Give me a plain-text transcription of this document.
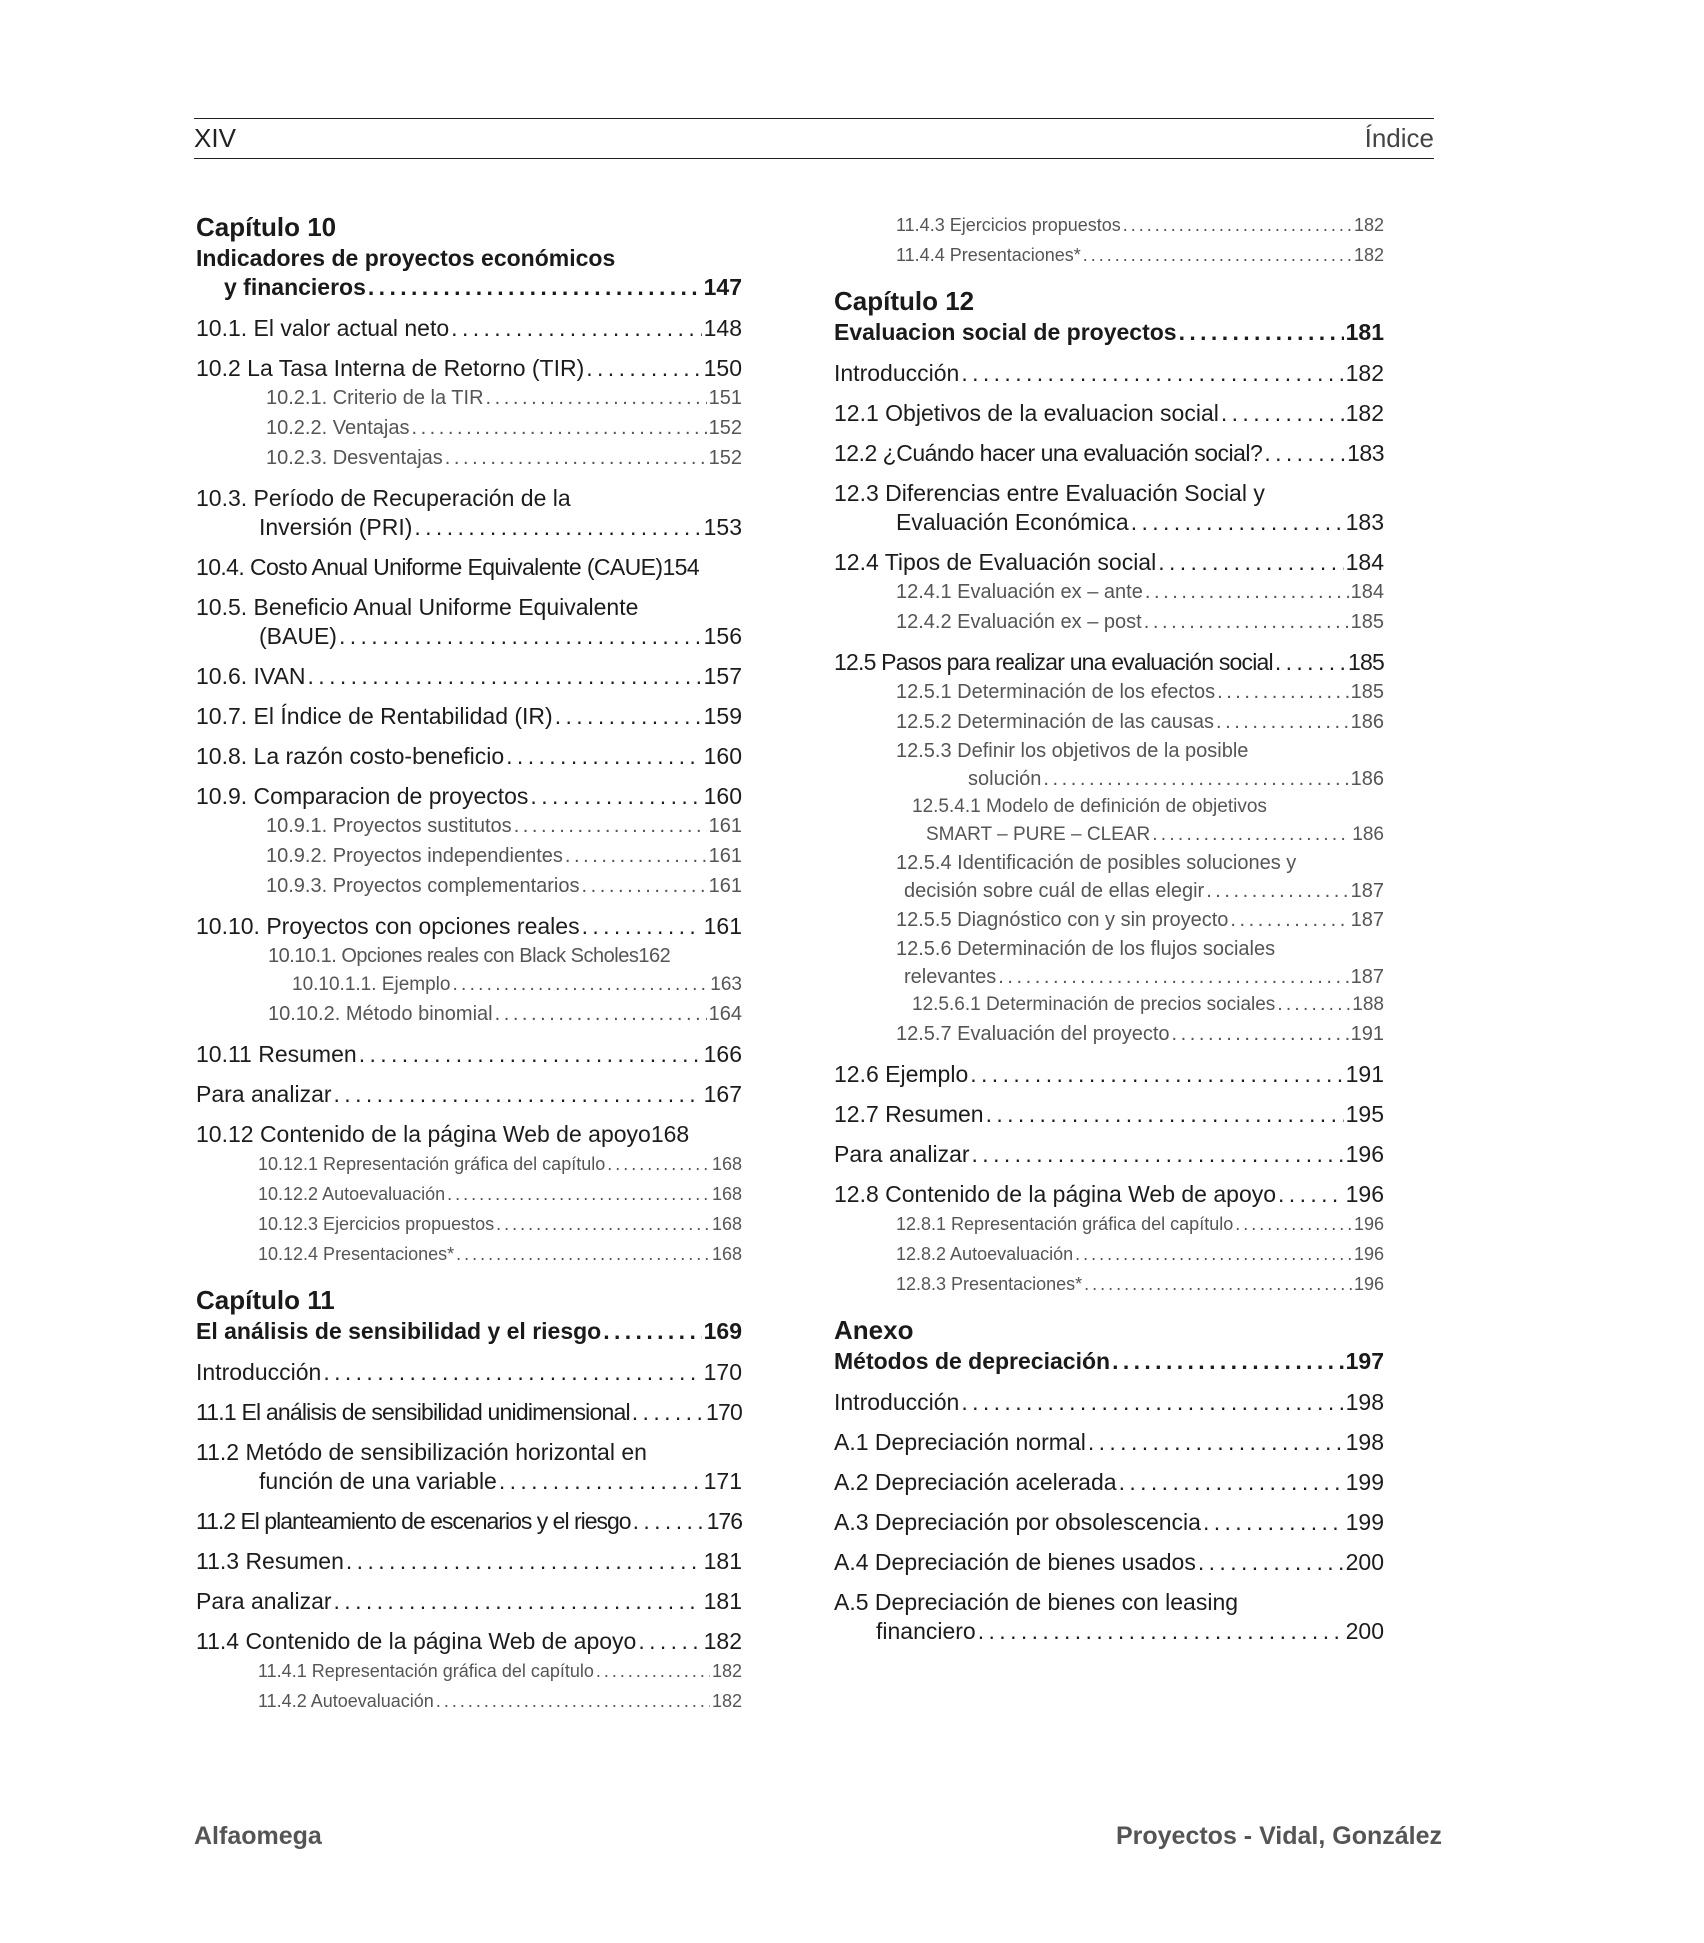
XIV	Índice
Capítulo 10
Indicadores de proyectos económicos
y financieros . . .	147
10.1. El valor actual neto . . .	148
10.2 La Tasa Interna de Retorno (TIR) . . .	150
10.2.1. Criterio de la TIR . . .	151
10.2.2. Ventajas . . .	152
10.2.3. Desventajas . . .	152
10.3. Período de Recuperación de la
Inversión (PRI) . . .	153
10.4. Costo Anual Uniforme Equivalente (CAUE) 154
10.5. Beneficio Anual Uniforme Equivalente
(BAUE) . . .	156
10.6. IVAN . . .	157
10.7. El Índice de Rentabilidad (IR) . . .	159
10.8. La razón costo-beneficio . . .	160
10.9. Comparacion de proyectos . . .	160
10.9.1. Proyectos sustitutos . . .	161
10.9.2. Proyectos independientes . . .	161
10.9.3. Proyectos complementarios . . .	161
10.10. Proyectos con opciones reales . . .	161
10.10.1. Opciones reales con Black Scholes 162
10.10.1.1. Ejemplo . . .	163
10.10.2. Método binomial . . .	164
10.11 Resumen . . .	166
Para analizar . . .	167
10.12 Contenido de la página Web de apoyo 168
10.12.1 Representación gráfica del capítulo . . .	168
10.12.2 Autoevaluación . . .	168
10.12.3 Ejercicios propuestos . . .	168
10.12.4 Presentaciones* . . .	168
Capítulo 11
El análisis de sensibilidad y el riesgo . . .	169
Introducción . . .	170
11.1 El análisis de sensibilidad unidimensional . . .	170
11.2 Metódo de sensibilización horizontal en
función de una variable . . .	171
11.2 El planteamiento de escenarios y el riesgo . . .	176
11.3 Resumen . . .	181
Para analizar . . .	181
11.4 Contenido de la página Web de apoyo . . .	182
11.4.1 Representación gráfica del capítulo . . .	182
11.4.2 Autoevaluación . . .	182
11.4.3 Ejercicios propuestos . . .	182
11.4.4 Presentaciones* . . .	182
Capítulo 12
Evaluacion social de proyectos . . .	181
Introducción . . .	182
12.1 Objetivos de la evaluacion social . . .	182
12.2 ¿Cuándo hacer una evaluación social? . . .	183
12.3 Diferencias entre Evaluación Social y
Evaluación Económica . . .	183
12.4 Tipos de Evaluación social . . .	184
12.4.1 Evaluación ex – ante . . .	184
12.4.2 Evaluación ex – post . . .	185
12.5 Pasos para realizar una evaluación social . . .	185
12.5.1 Determinación de los efectos . . .	185
12.5.2 Determinación de las causas . . .	186
12.5.3 Definir los objetivos de la posible
solución . . .	186
12.5.4.1 Modelo de definición de objetivos
SMART – PURE – CLEAR . . .	186
12.5.4 Identificación de posibles soluciones y
decisión sobre cuál de ellas elegir . . .	187
12.5.5 Diagnóstico con y sin proyecto . . .	187
12.5.6 Determinación de los flujos sociales
relevantes . . .	187
12.5.6.1 Determinación de precios sociales . . .	188
12.5.7 Evaluación del proyecto . . .	191
12.6 Ejemplo . . .	191
12.7 Resumen . . .	195
Para analizar . . .	196
12.8 Contenido de la página Web de apoyo . . .	196
12.8.1 Representación gráfica del capítulo . . .	196
12.8.2 Autoevaluación . . .	196
12.8.3 Presentaciones* . . .	196
Anexo
Métodos de depreciación . . .	197
Introducción . . .	198
A.1 Depreciación normal . . .	198
A.2 Depreciación acelerada . . .	199
A.3 Depreciación por obsolescencia . . .	199
A.4 Depreciación de bienes usados . . .	200
A.5 Depreciación de bienes con leasing
financiero . . .	200
Alfaomega	Proyectos - Vidal, González
